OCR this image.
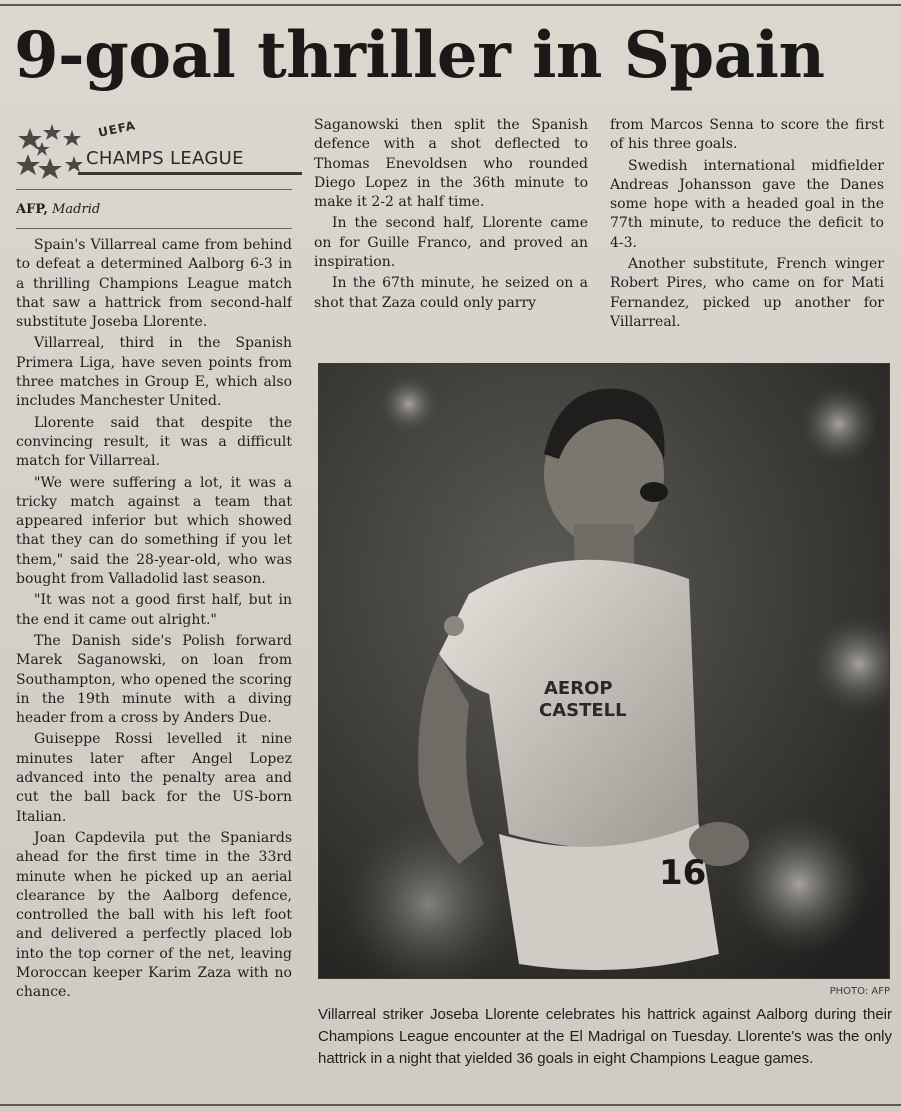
9-goal thriller in Spain
UEFA
CHAMPS LEAGUE
AFP, Madrid

Spain's Villarreal came from behind to defeat a determined Aalborg 6-3 in a thrilling Champions League match that saw a hattrick from second-half substitute Joseba Llorente.

Villarreal, third in the Spanish Primera Liga, have seven points from three matches in Group E, which also includes Manchester United.

Llorente said that despite the convincing result, it was a difficult match for Villarreal.

"We were suffering a lot, it was a tricky match against a team that appeared inferior but which showed that they can do something if you let them," said the 28-year-old, who was bought from Valladolid last season.

"It was not a good first half, but in the end it came out alright."

The Danish side's Polish forward Marek Saganowski, on loan from Southampton, who opened the scoring in the 19th minute with a diving header from a cross by Anders Due.

Guiseppe Rossi levelled it nine minutes later after Angel Lopez advanced into the penalty area and cut the ball back for the US-born Italian.

Joan Capdevila put the Spaniards ahead for the first time in the 33rd minute when he picked up an aerial clearance by the Aalborg defence, controlled the ball with his left foot and delivered a perfectly placed lob into the top corner of the net, leaving Moroccan keeper Karim Zaza with no chance.

Saganowski then split the Spanish defence with a shot deflected to Thomas Enevoldsen who rounded Diego Lopez in the 36th minute to make it 2-2 at half time.

In the second half, Llorente came on for Guille Franco, and proved an inspiration.

In the 67th minute, he seized on a shot that Zaza could only parry

from Marcos Senna to score the first of his three goals.

Swedish international midfielder Andreas Johansson gave the Danes some hope with a headed goal in the 77th minute, to reduce the deficit to 4-3.

Another substitute, French winger Robert Pires, who came on for Mati Fernandez, picked up another for Villarreal.

AEROP
CASTELL
16
PHOTO: AFP
Villarreal striker Joseba Llorente celebrates his hattrick against Aalborg during their Champions League encounter at the El Madrigal on Tuesday. Llorente's was the only hattrick in a night that yielded 36 goals in eight Champions League games.
